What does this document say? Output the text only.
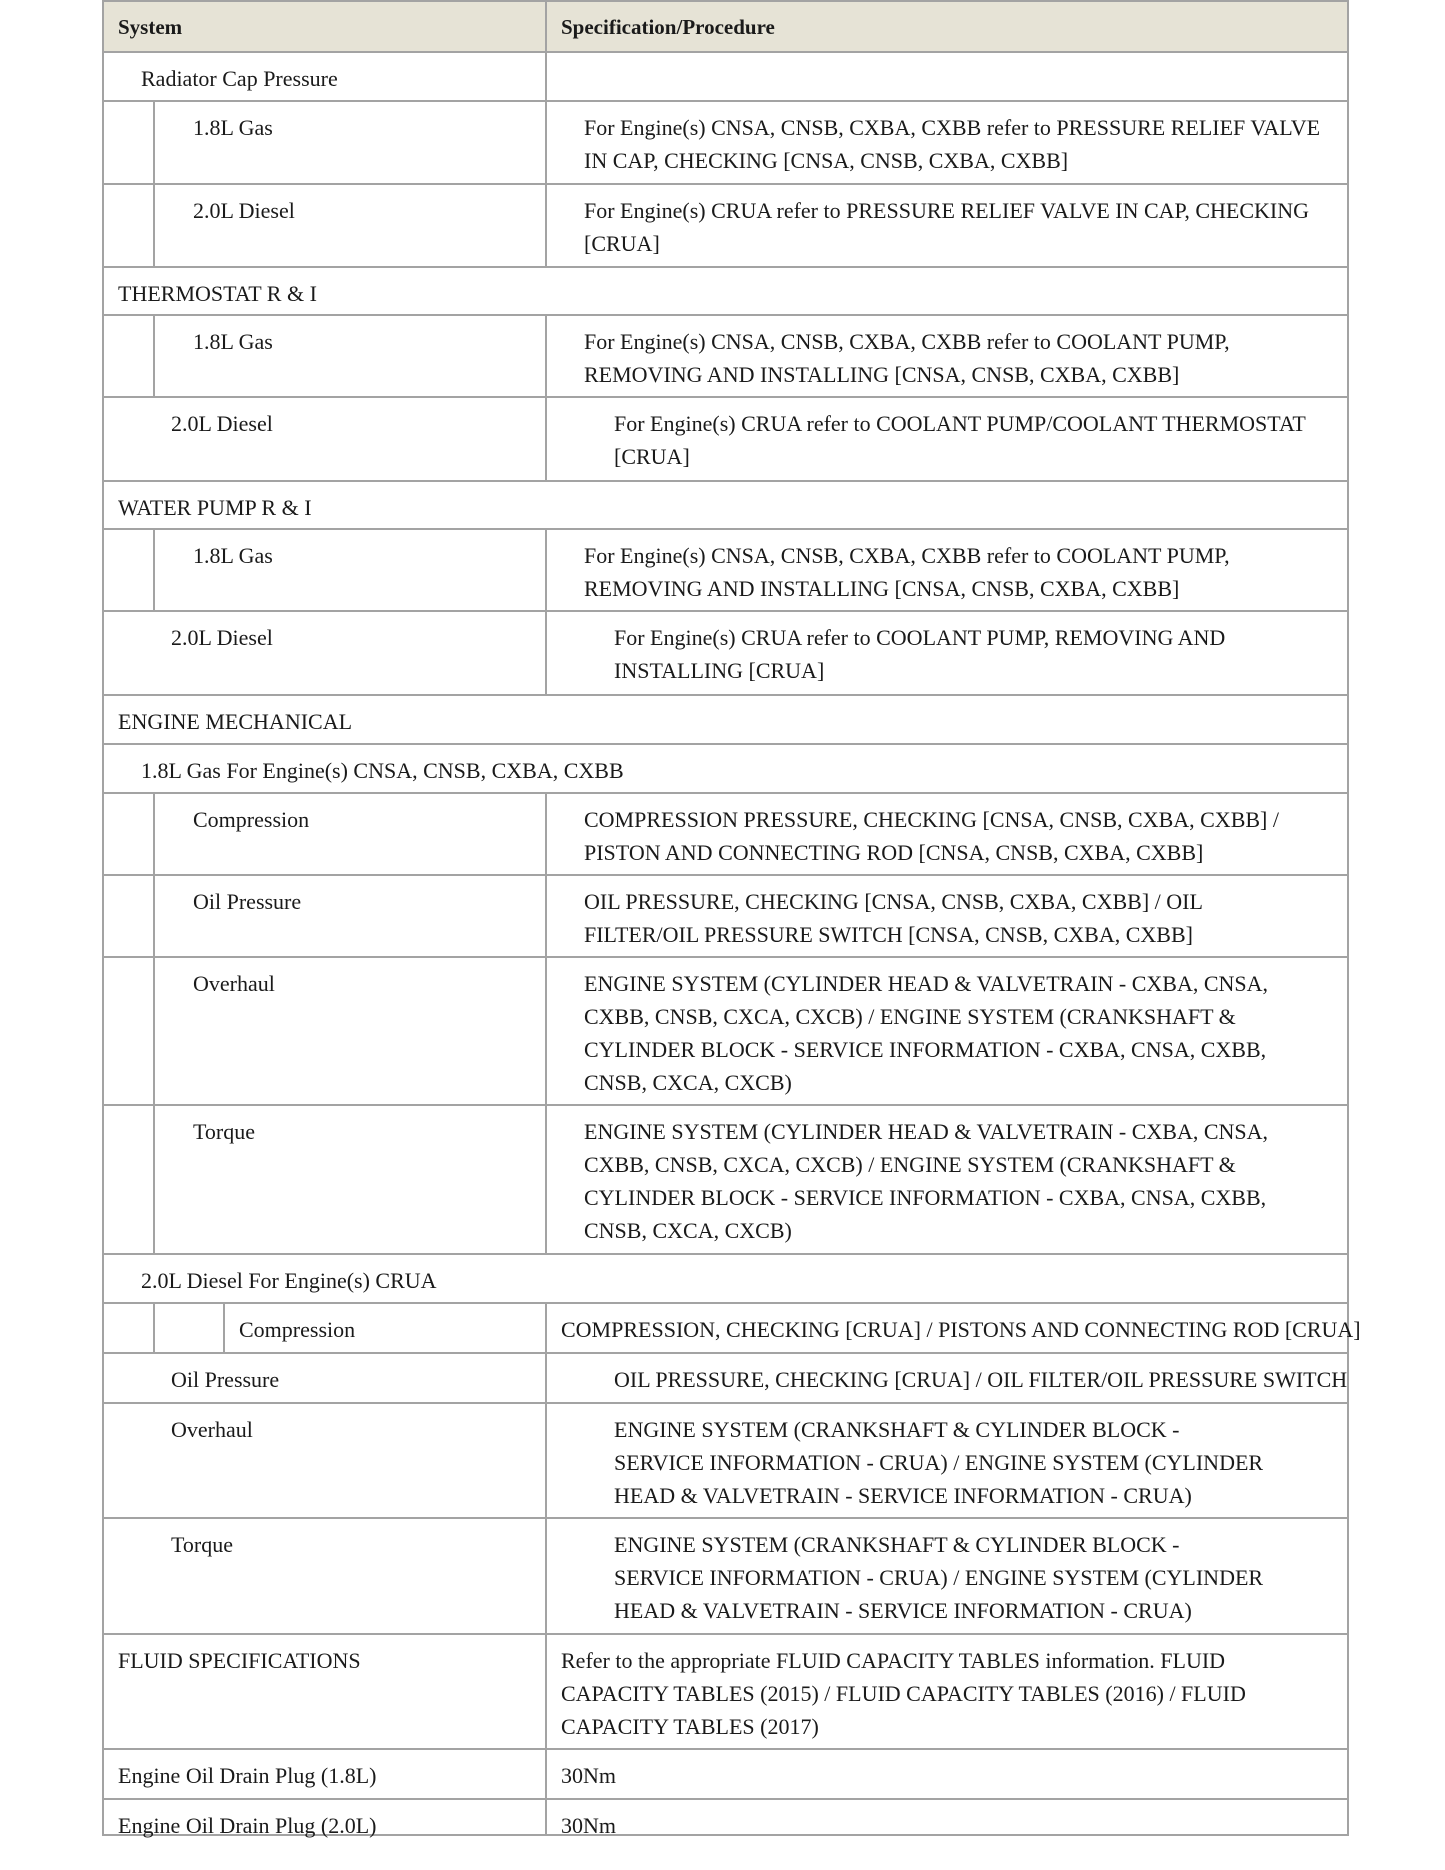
System	Specification/Procedure
Radiator Cap Pressure
1.8L Gas	For Engine(s) CNSA, CNSB, CXBA, CXBB refer to PRESSURE RELIEF VALVE IN CAP, CHECKING [CNSA, CNSB, CXBA, CXBB]
2.0L Diesel	For Engine(s) CRUA refer to PRESSURE RELIEF VALVE IN CAP, CHECKING [CRUA]
THERMOSTAT R & I
1.8L Gas	For Engine(s) CNSA, CNSB, CXBA, CXBB refer to COOLANT PUMP, REMOVING AND INSTALLING [CNSA, CNSB, CXBA, CXBB]
2.0L Diesel	For Engine(s) CRUA refer to COOLANT PUMP/COOLANT THERMOSTAT [CRUA]
WATER PUMP R & I
1.8L Gas	For Engine(s) CNSA, CNSB, CXBA, CXBB refer to COOLANT PUMP, REMOVING AND INSTALLING [CNSA, CNSB, CXBA, CXBB]
2.0L Diesel	For Engine(s) CRUA refer to COOLANT PUMP, REMOVING AND INSTALLING [CRUA]
ENGINE MECHANICAL
1.8L Gas For Engine(s) CNSA, CNSB, CXBA, CXBB
Compression	COMPRESSION PRESSURE, CHECKING [CNSA, CNSB, CXBA, CXBB] / PISTON AND CONNECTING ROD [CNSA, CNSB, CXBA, CXBB]
Oil Pressure	OIL PRESSURE, CHECKING [CNSA, CNSB, CXBA, CXBB] / OIL FILTER/OIL PRESSURE SWITCH [CNSA, CNSB, CXBA, CXBB]
Overhaul	ENGINE SYSTEM (CYLINDER HEAD & VALVETRAIN - CXBA, CNSA, CXBB, CNSB, CXCA, CXCB) / ENGINE SYSTEM (CRANKSHAFT & CYLINDER BLOCK - SERVICE INFORMATION - CXBA, CNSA, CXBB, CNSB, CXCA, CXCB)
Torque	ENGINE SYSTEM (CYLINDER HEAD & VALVETRAIN - CXBA, CNSA, CXBB, CNSB, CXCA, CXCB) / ENGINE SYSTEM (CRANKSHAFT & CYLINDER BLOCK - SERVICE INFORMATION - CXBA, CNSA, CXBB, CNSB, CXCA, CXCB)
2.0L Diesel For Engine(s) CRUA
Compression	COMPRESSION, CHECKING [CRUA] / PISTONS AND CONNECTING ROD [CRUA]
Oil Pressure	OIL PRESSURE, CHECKING [CRUA] / OIL FILTER/OIL PRESSURE SWITCH
Overhaul	ENGINE SYSTEM (CRANKSHAFT & CYLINDER BLOCK - SERVICE INFORMATION - CRUA) / ENGINE SYSTEM (CYLINDER HEAD & VALVETRAIN - SERVICE INFORMATION - CRUA)
Torque	ENGINE SYSTEM (CRANKSHAFT & CYLINDER BLOCK - SERVICE INFORMATION - CRUA) / ENGINE SYSTEM (CYLINDER HEAD & VALVETRAIN - SERVICE INFORMATION - CRUA)
FLUID SPECIFICATIONS	Refer to the appropriate FLUID CAPACITY TABLES information. FLUID CAPACITY TABLES (2015) / FLUID CAPACITY TABLES (2016) / FLUID CAPACITY TABLES (2017)
Engine Oil Drain Plug (1.8L)	30Nm
Engine Oil Drain Plug (2.0L)	30Nm
